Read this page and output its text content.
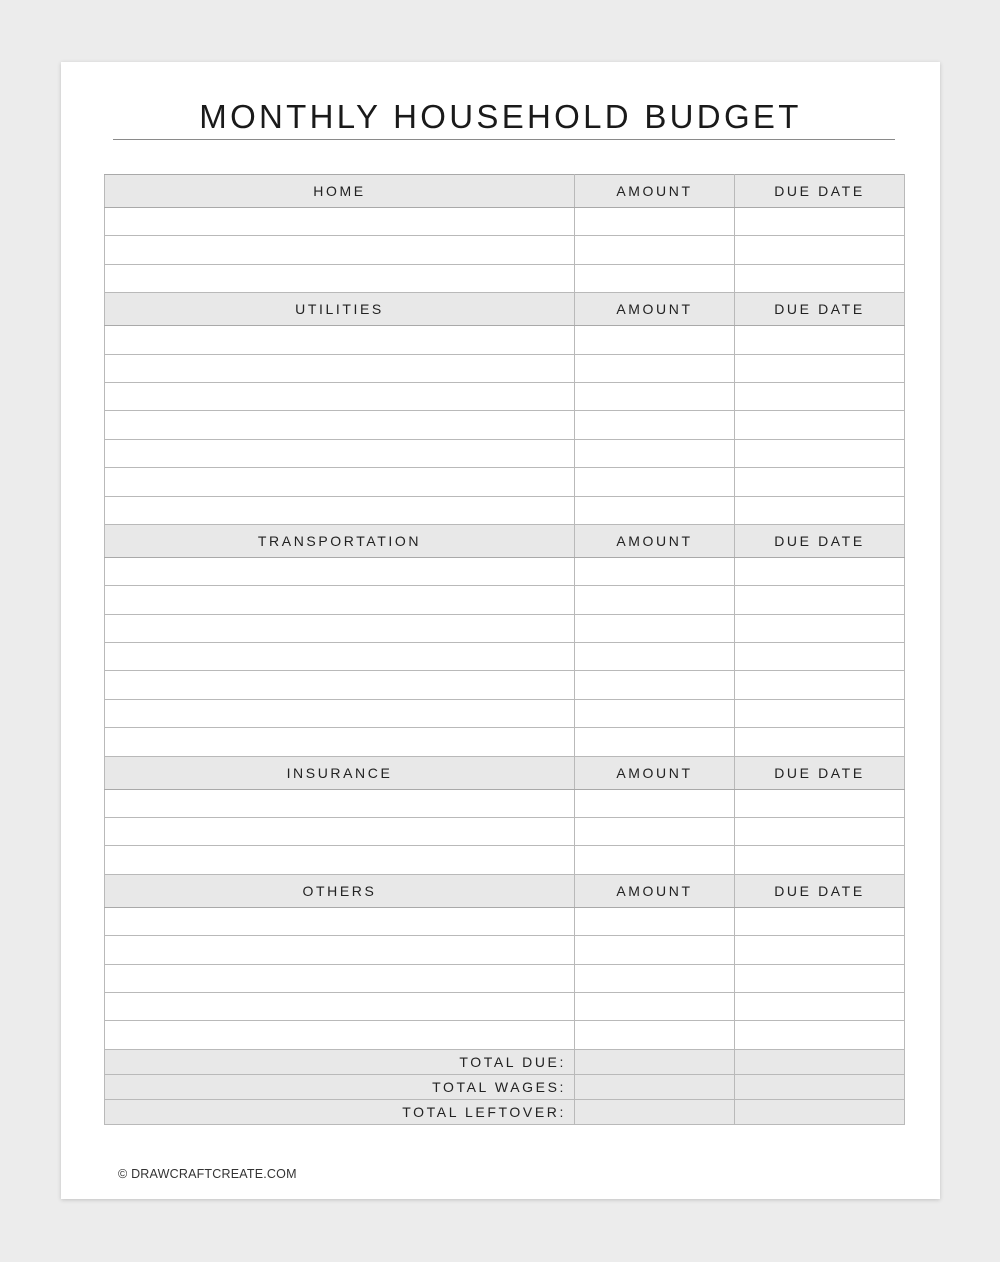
MONTHLY HOUSEHOLD BUDGET
HOME	AMOUNT	DUE DATE

UTILITIES	AMOUNT	DUE DATE

TRANSPORTATION	AMOUNT	DUE DATE

INSURANCE	AMOUNT	DUE DATE

OTHERS	AMOUNT	DUE DATE

TOTAL DUE:		
TOTAL WAGES:		
TOTAL LEFTOVER:		
© DRAWCRAFTCREATE.COM
